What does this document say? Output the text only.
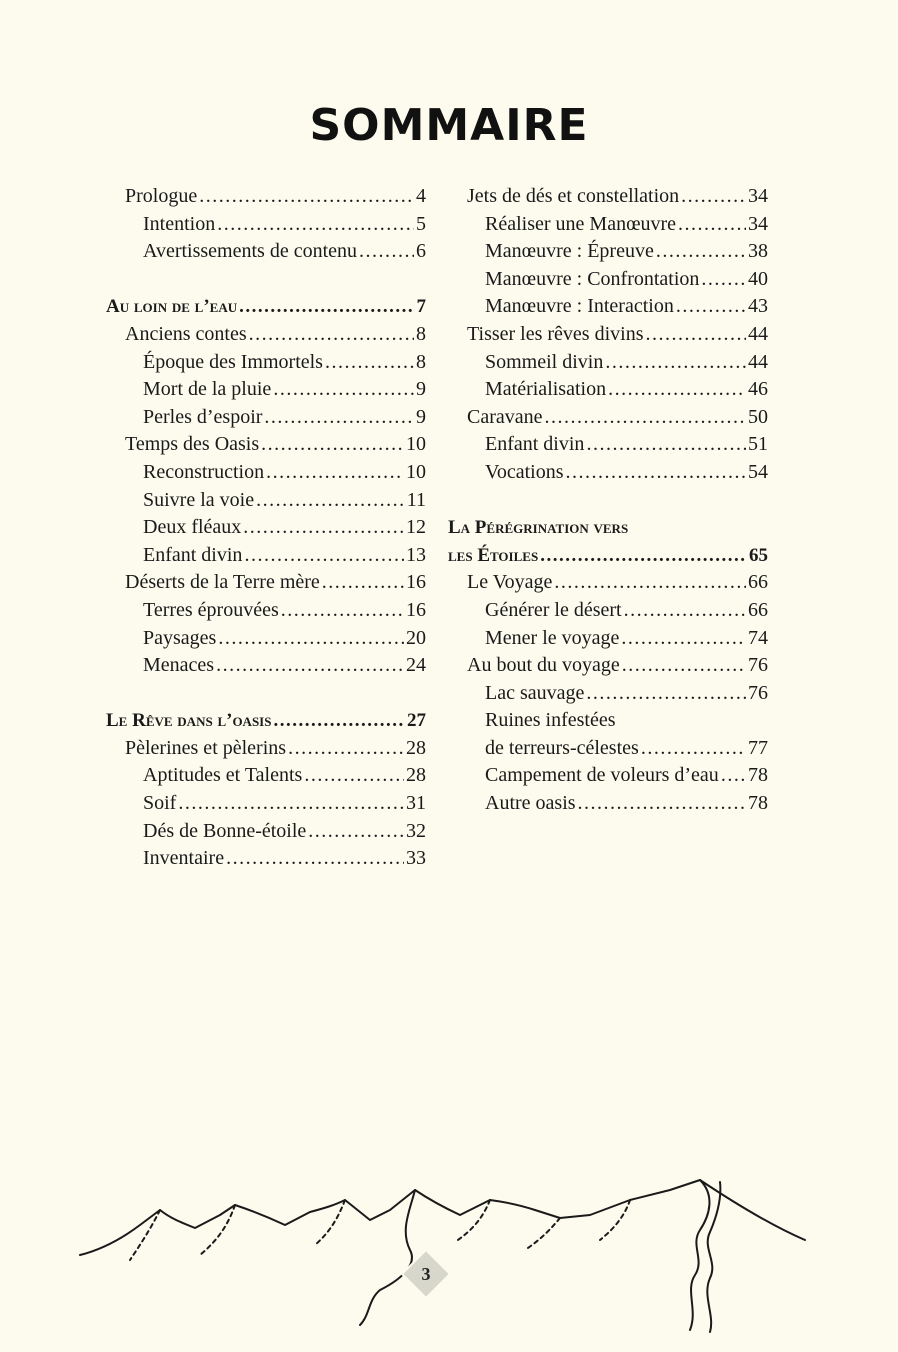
SOMMAIRE
Prologue .....	4
Intention .....	5
Avertissements de contenu .....	6
Au loin de l’eau .....	7
Anciens contes .....	8
Époque des Immortels .....	8
Mort de la pluie .....	9
Perles d’espoir .....	9
Temps des Oasis .....	10
Reconstruction .....	10
Suivre la voie .....	11
Deux fléaux .....	12
Enfant divin .....	13
Déserts de la Terre mère .....	16
Terres éprouvées .....	16
Paysages .....	20
Menaces .....	24
Le Rêve dans l’oasis .....	27
Pèlerines et pèlerins .....	28
Aptitudes et Talents .....	28
Soif .....	31
Dés de Bonne-étoile .....	32
Inventaire .....	33
Jets de dés et constellation .....	34
Réaliser une Manœuvre .....	34
Manœuvre : Épreuve .....	38
Manœuvre : Confrontation ..... 40
Manœuvre : Interaction .....	43
Tisser les rêves divins .....	44
Sommeil divin .....	44
Matérialisation .....	46
Caravane .....	50
Enfant divin .....	51
Vocations .....	54
La Pérégrination vers
les Étoiles .....	65
Le Voyage .....	66
Générer le désert .....	66
Mener le voyage .....	74
Au bout du voyage .....	76
Lac sauvage .....	76
Ruines infestées
de terreurs-célestes .....	77
Campement de voleurs d’eau ..... 78
Autre oasis .....	78
3
